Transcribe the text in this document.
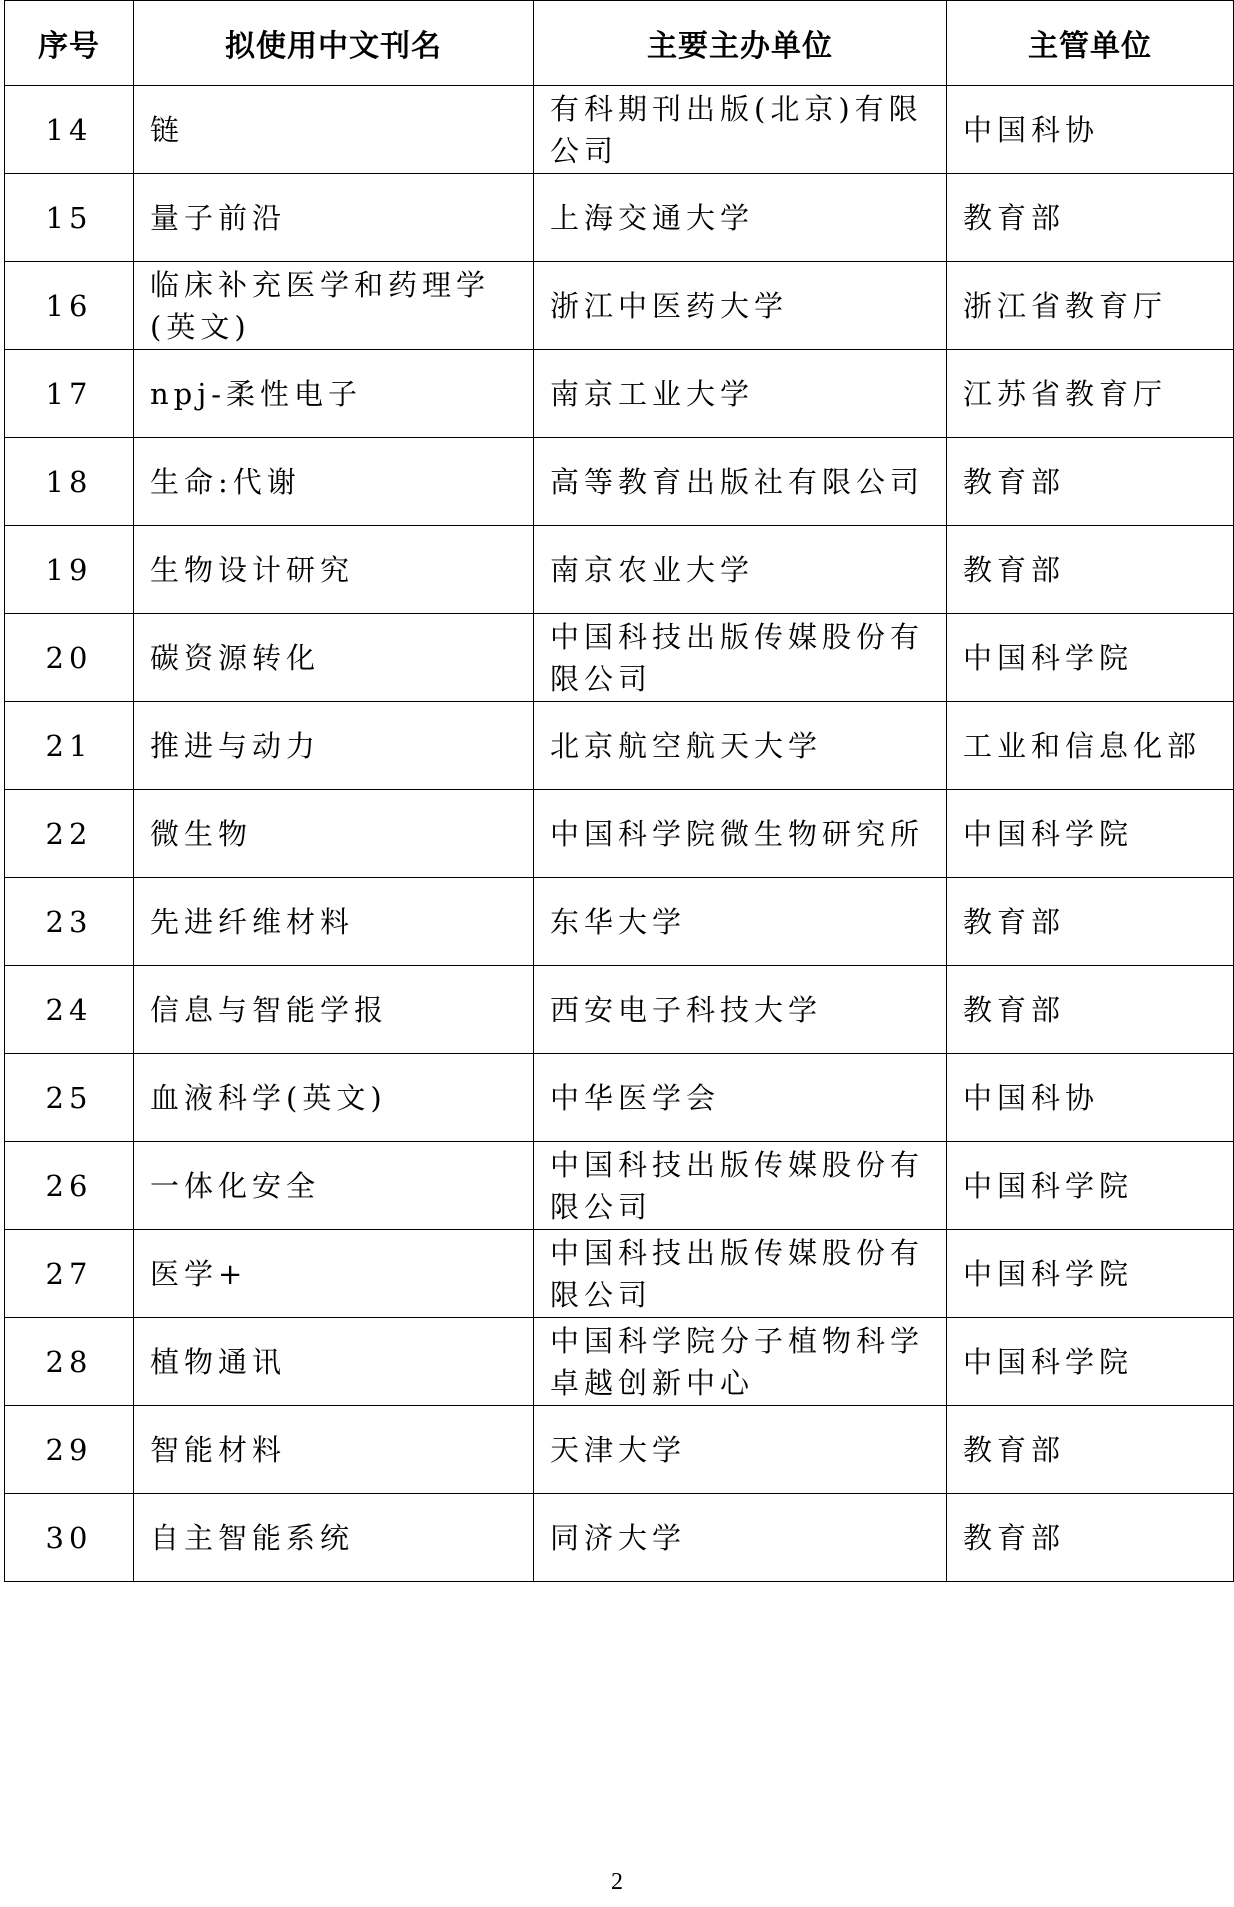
序号	拟使用中文刊名	主要主办单位	主管单位
14	链	有科期刊出版(北京)有限公司	中国科协
15	量子前沿	上海交通大学	教育部
16	临床补充医学和药理学(英文)	浙江中医药大学	浙江省教育厅
17	npj-柔性电子	南京工业大学	江苏省教育厅
18	生命:代谢	高等教育出版社有限公司	教育部
19	生物设计研究	南京农业大学	教育部
20	碳资源转化	中国科技出版传媒股份有限公司	中国科学院
21	推进与动力	北京航空航天大学	工业和信息化部
22	微生物	中国科学院微生物研究所	中国科学院
23	先进纤维材料	东华大学	教育部
24	信息与智能学报	西安电子科技大学	教育部
25	血液科学(英文)	中华医学会	中国科协
26	一体化安全	中国科技出版传媒股份有限公司	中国科学院
27	医学+	中国科技出版传媒股份有限公司	中国科学院
28	植物通讯	中国科学院分子植物科学卓越创新中心	中国科学院
29	智能材料	天津大学	教育部
30	自主智能系统	同济大学	教育部
2
